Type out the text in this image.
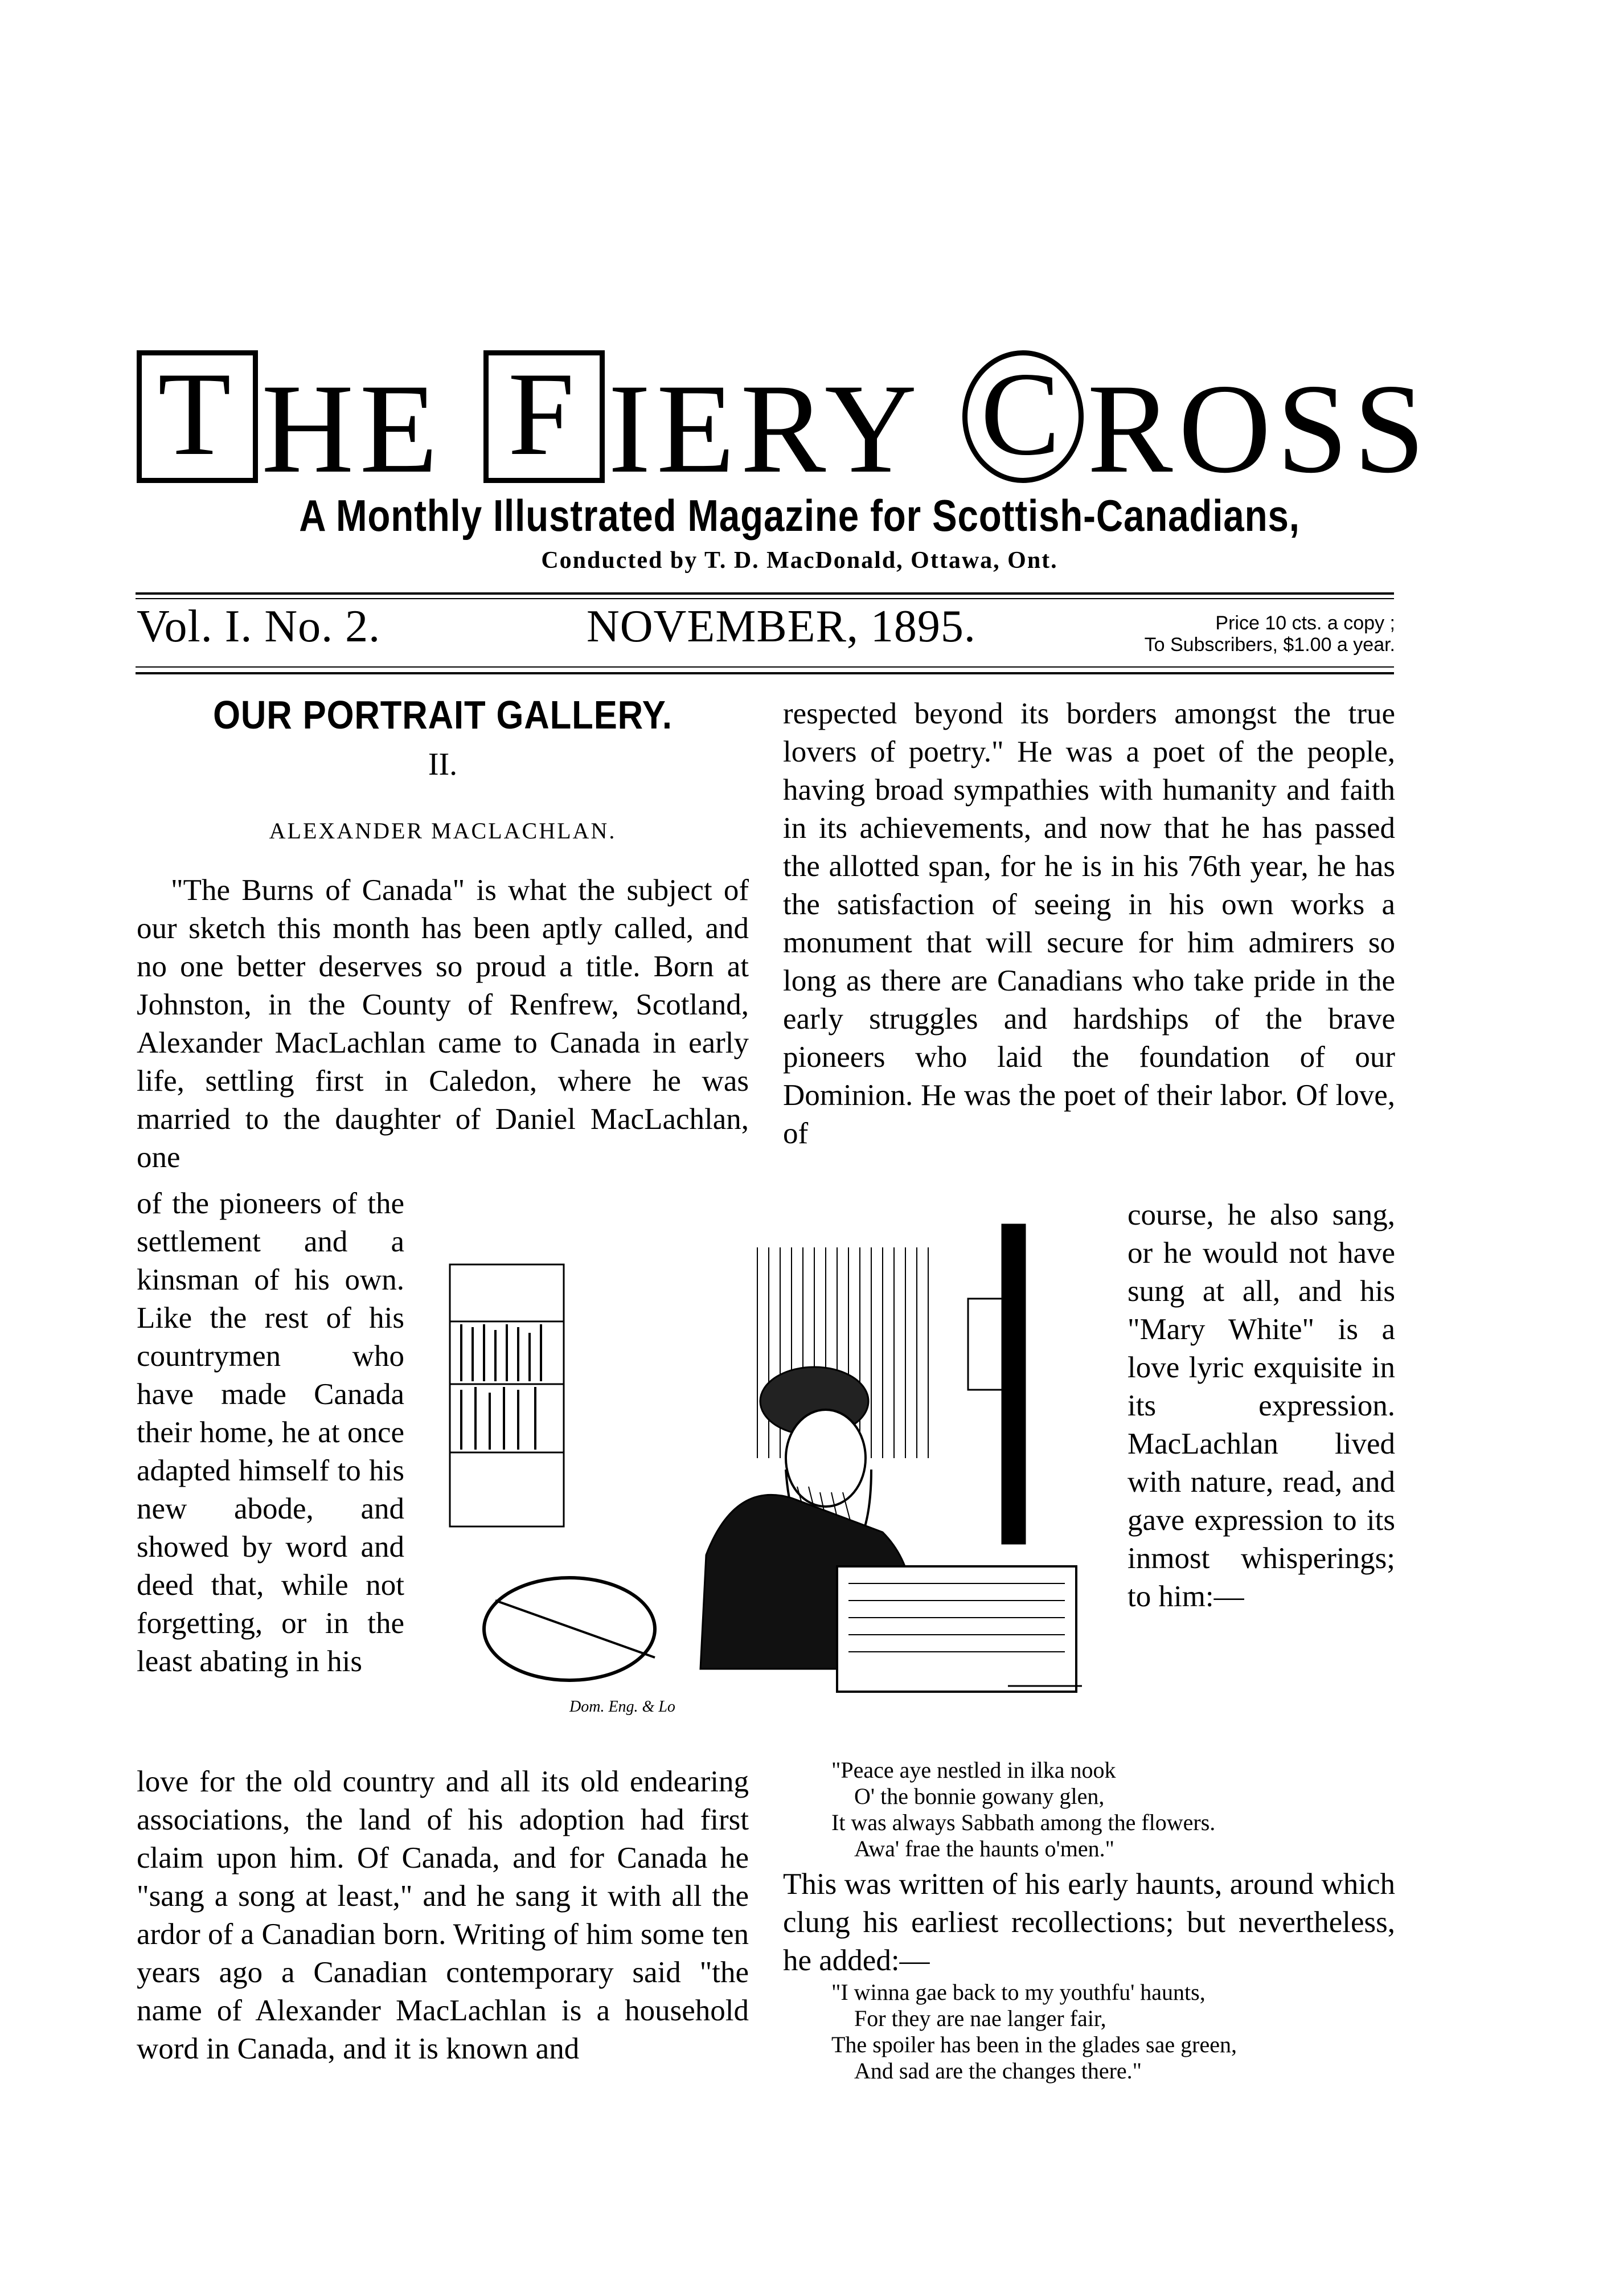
T HE F IERY C ROSS
A Monthly Illustrated Magazine for Scottish-Canadians,
Conducted by T. D. MacDonald, Ottawa, Ont.
Vol. I. No. 2.	NOVEMBER, 1895.	Price 10 cts. a copy ;
To Subscribers, $1.00 a year.
OUR PORTRAIT GALLERY.
II.
ALEXANDER MACLACHLAN.
"The Burns of Canada" is what the subject of our sketch this month has been aptly called, and no one better deserves so proud a title. Born at Johnston, in the County of Renfrew, Scotland, Alexander MacLachlan came to Canada in early life, settling first in Caledon, where he was married to the daughter of Daniel MacLachlan, one
of the pioneers of the settlement and a kinsman of his own. Like the rest of his countrymen who have made Canada their home, he at once adapted himself to his new abode, and showed by word and deed that, while not forgetting, or in the least abating in his
love for the old country and all its old endearing associations, the land of his adoption had first claim upon him. Of Canada, and for Canada he "sang a song at least," and he sang it with all the ardor of a Canadian born. Writing of him some ten years ago a Canadian contemporary said "the name of Alexander MacLachlan is a household word in Canada, and it is known and
respected beyond its borders amongst the true lovers of poetry." He was a poet of the people, having broad sympathies with humanity and faith in its achievements, and now that he has passed the allotted span, for he is in his 76th year, he has the satisfaction of seeing in his own works a monument that will secure for him admirers so long as there are Canadians who take pride in the early struggles and hardships of the brave pioneers who laid the foundation of our Dominion. He was the poet of their labor. Of love, of
course, he also sang, or he would not have sung at all, and his "Mary White" is a love lyric exquisite in its expression. MacLachlan lived with nature, read, and gave expression to its inmost whisperings; to him:—
"Peace aye nestled in ilka nook
O' the bonnie gowany glen,
It was always Sabbath among the flowers.
Awa' frae the haunts o'men."
This was written of his early haunts, around which clung his earliest recollections; but nevertheless, he added:—
"I winna gae back to my youthfu' haunts,
For they are nae langer fair,
The spoiler has been in the glades sae green,
And sad are the changes there."
Dom. Eng. & Lo
